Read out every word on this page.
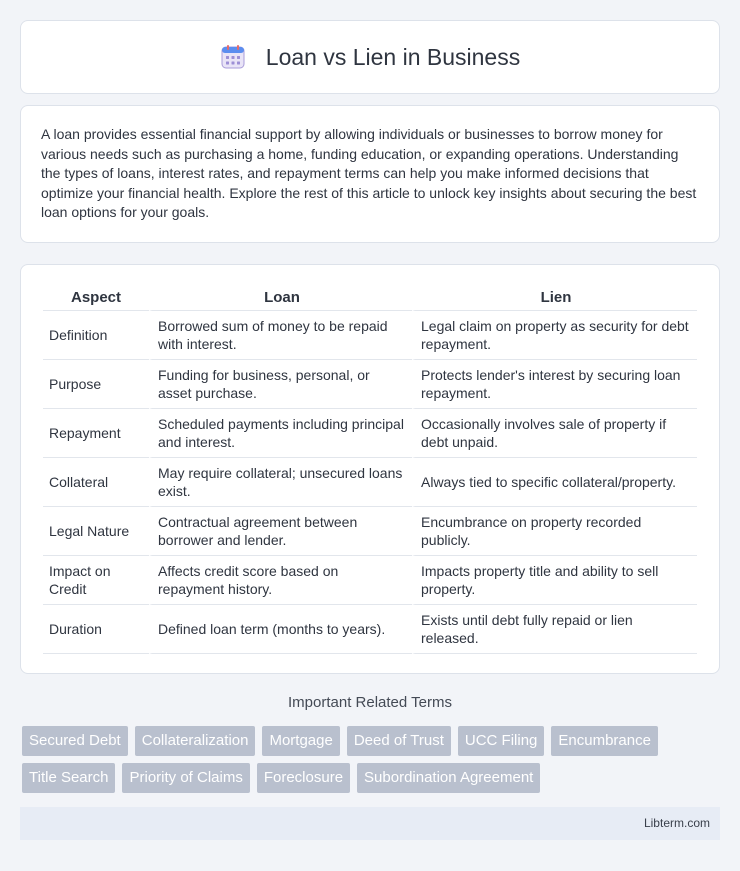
Loan vs Lien in Business

A loan provides essential financial support by allowing individuals or businesses to borrow money for various needs such as purchasing a home, funding education, or expanding operations. Understanding the types of loans, interest rates, and repayment terms can help you make informed decisions that optimize your financial health. Explore the rest of this article to unlock key insights about securing the best loan options for your goals.

Aspect	Loan	Lien
Definition	Borrowed sum of money to be repaid with interest.	Legal claim on property as security for debt repayment.
Purpose	Funding for business, personal, or asset purchase.	Protects lender's interest by securing loan repayment.
Repayment	Scheduled payments including principal and interest.	Occasionally involves sale of property if debt unpaid.
Collateral	May require collateral; unsecured loans exist.	Always tied to specific collateral/property.
Legal Nature	Contractual agreement between borrower and lender.	Encumbrance on property recorded publicly.
Impact on Credit	Affects credit score based on repayment history.	Impacts property title and ability to sell property.
Duration	Defined loan term (months to years).	Exists until debt fully repaid or lien released.
Important Related Terms
Secured Debt	Collateralization	Mortgage	Deed of Trust	UCC Filing	Encumbrance
Title Search	Priority of Claims	Foreclosure	Subordination Agreement
Libterm.com
